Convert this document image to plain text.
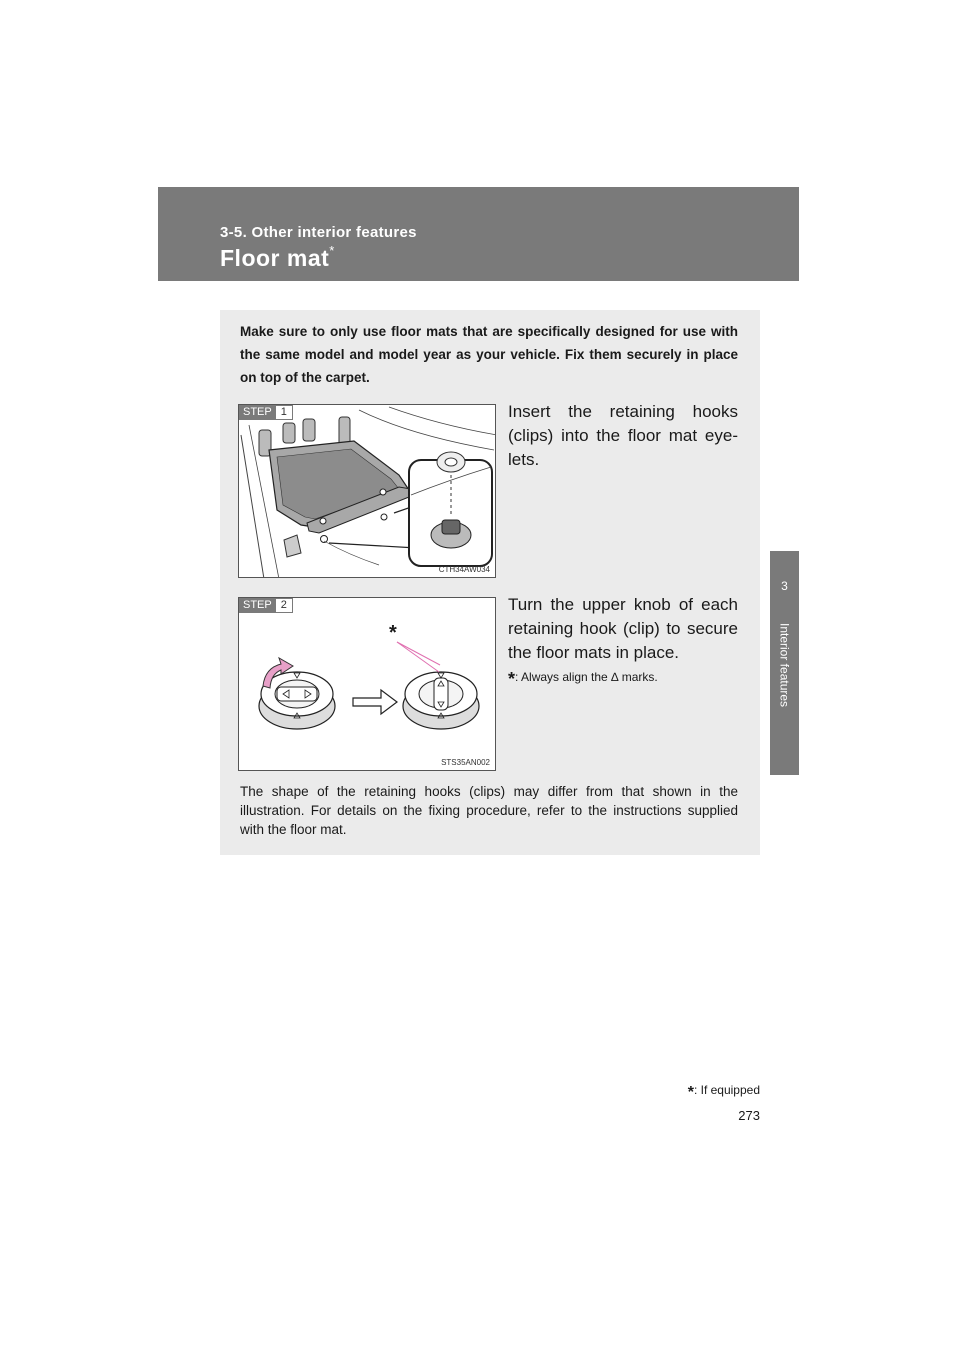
3-5. Other interior features
Floor mat*
3
Interior features
Make sure to only use floor mats that are specifically designed for use with the same model and model year as your vehicle. Fix them securely in place on top of the carpet.
STEP 1
CTH34AW034
Insert the retaining hooks (clips) into the floor mat eye-lets.
STEP 2
*
STS35AN002
Turn the upper knob of each retaining hook (clip) to secure the floor mats in place.
*: Always align the ∆ marks.
The shape of the retaining hooks (clips) may differ from that shown in the illustration. For details on the fixing procedure, refer to the instructions supplied with the floor mat.
*: If equipped
273
